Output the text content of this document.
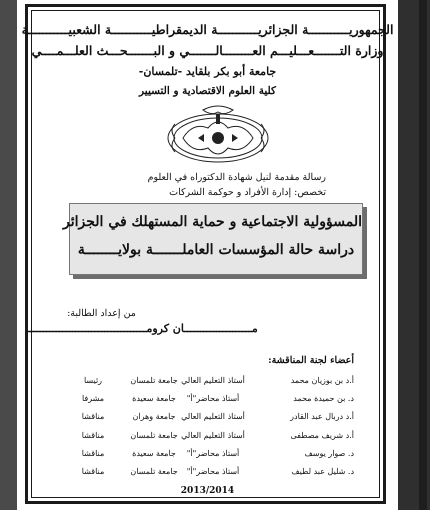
الجمهوريـــــــــــة الجزائريـــــــــــة الديمقراطيـــــــــــة الشعبيـــــــــــة
وزارة التـــــــعـــليـــم العــــــــالـــــــي و البـــــــحـــث العلـــمــــي
جامعة أبو بكر بلقايد -تلمسان-
كلية العلوم الاقتصادية و التسيير
رسالة مقدمة لنيل شهادة الدكتوراه في العلوم
تخصص: إدارة الأفراد و حوكمة الشركات
المسؤولية الاجتماعية و حماية المستهلك في الجزائر
دراسة حالة المؤسسات العاملـــــــة بولايــــــــة
من إعداد الطالبة:
مـــــــــــــــــــــان كرومـــــــــــــــــــــــــــــــــــــ
أعضاء لجنة المناقشة:
أ.د بن بوزيان محمد
أستاذ التعليم العالي
جامعة تلمسان
رئيسا
د. بن حميدة محمد
أستاذ محاضر"أ"
جامعة سعيدة
مشرفا
أ.د دربال عبد القادر
أستاذ التعليم العالي
جامعة وهران
مناقشا
أ.د شريف مصطفى
أستاذ التعليم العالي
جامعة تلمسان
مناقشا
د. صوار يوسف
أستاذ محاضر"أ"
جامعة سعيدة
مناقشا
د. شليل عبد لطيف
أستاذ محاضر"أ"
جامعة تلمسان
مناقشا
2013/2014
